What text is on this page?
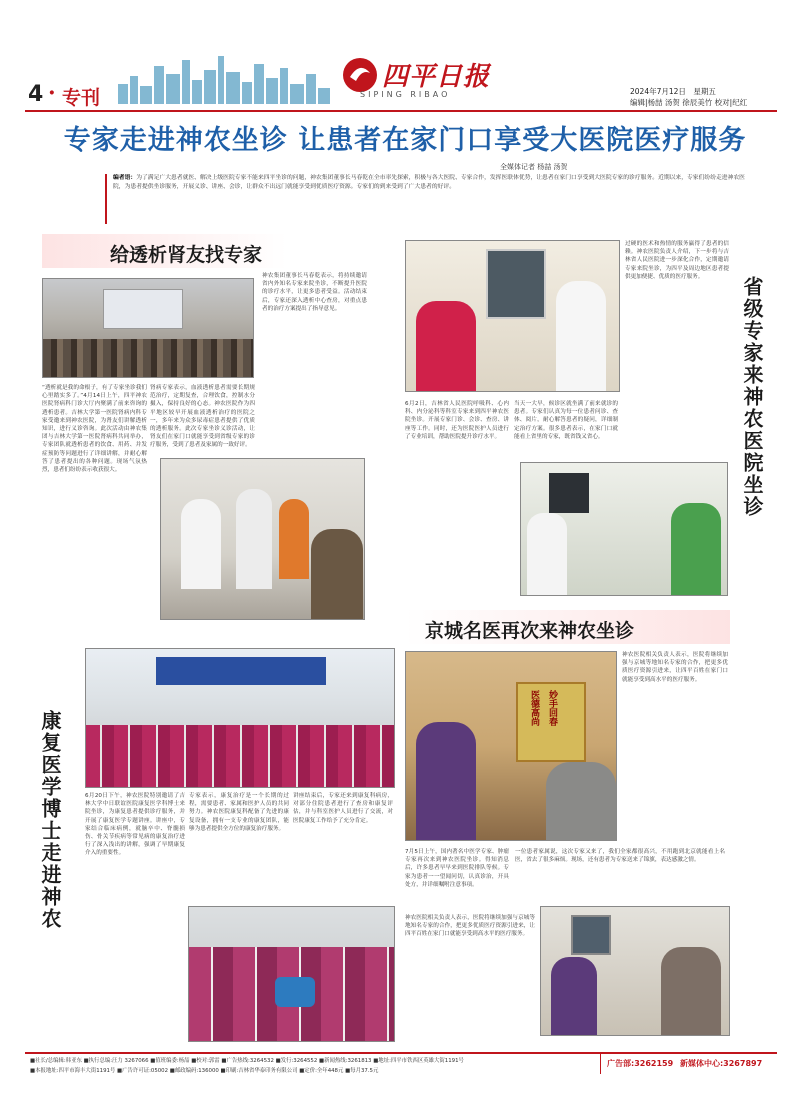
4 · 专刊
四平日报
SIPING RIBAO	2024年7月12日　星期五
编辑|杨喆 汤贺 徐辰美竹 校对|纪红
专家走进神农坐诊 让患者在家门口享受大医院医疗服务
全媒体记者 杨喆 汤贺
编者语：为了满足广大患者就医、解决上级医院专家不能来四平坐诊的问题，神农集团董事长马春乾在全市率先探索，积极与各大医院、专家合作，发挥医联体优势，让患者在家门口享受到大医院专家的诊疗服务。近期以来，专家们纷纷走进神农医院，为患者提供坐诊服务，开展义诊、讲座、会诊，让群众不出远门就能享受到优质医疗资源。专家们的到来受到了广大患者的好评。
给透析肾友找专家
“透析就是我的命根子，有了专家坐诊我们心里踏实多了。”4月14日上午，四平神农医院肾病科门诊大厅内聚满了前来咨询的透析患者。吉林大学第一医院肾病内科专家受邀来到神农医院，为肾友们讲解透析知识，进行义诊咨询。此次活动由神农集团与吉林大学第一医院肾病科共同举办，专家团队就透析患者的饮食、用药、并发症预防等问题进行了详细讲解，并耐心解答了患者提出的各种问题。现场气氛热烈，患者们纷纷表示收获很大。
肾病专家表示，血液透析患者需要长期规范治疗，定期复查，合理饮食，控制水分摄入，保持良好的心态。神农医院作为四平地区较早开展血液透析治疗的医院之一，多年来为众多尿毒症患者提供了优质的透析服务。此次专家坐诊义诊活动，让肾友们在家门口就能享受到省级专家的诊疗服务，受到了患者及家属的一致好评。
神农集团董事长马春乾表示，将持续邀请省内外知名专家来院坐诊，不断提升医院的诊疗水平，让更多患者受益。活动结束后，专家还深入透析中心查房，对重点患者的治疗方案提出了指导意见。
过硬的医术和热情的服务赢得了患者的信赖。神农医院负责人介绍，下一步将与吉林省人民医院进一步深化合作，定期邀请专家来院坐诊，为四平及周边地区患者提供更加便捷、优质的医疗服务。	省级专家来神农医院坐诊
6月2日，吉林省人民医院呼吸科、心内科、内分泌科等科室专家来到四平神农医院坐诊。开展专家门诊、会诊、查房、讲座等工作。同时，还为医院医护人员进行了专业培训，帮助医院提升诊疗水平。
当天一大早，候诊区就坐满了前来就诊的患者。专家们认真为每一位患者问诊、查体、阅片，耐心解答患者的疑问，详细制定治疗方案。很多患者表示，在家门口就能看上省里的专家，既省钱又省心。
康复医学博士走进神农	6月20日下午，神农医院特别邀请了吉林大学中日联谊医院康复医学科博士来院坐诊，为康复患者提供诊疗服务，并开展了康复医学专题讲座。讲座中，专家结合临床病例，就脑卒中、脊髓损伤、骨关节疾病等常见病的康复治疗进行了深入浅出的讲解，强调了早期康复介入的重要性。
专家表示，康复治疗是一个长期的过程，需要患者、家属和医护人员的共同努力。神农医院康复科配备了先进的康复设备，拥有一支专业的康复团队，能够为患者提供全方位的康复治疗服务。
讲座结束后，专家还来到康复科病房，对部分住院患者进行了查房和康复评估，并与科室医护人员进行了交流，对医院康复工作给予了充分肯定。
京城名医再次来神农坐诊
妙手回春
医德高尚
神农医院相关负责人表示，医院将继续加强与京城等地知名专家的合作，把更多优质医疗资源引进来，让四平百姓在家门口就能享受到高水平的医疗服务。
7月5日上午，国内著名中医学专家、肿瘤专家再次来到神农医院坐诊。得知消息后，许多患者早早来到医院排队等候。专家为患者一一望闻问切，认真诊治，开具处方，并详细嘱咐注意事项。
一位患者家属说，这次专家又来了，我们全家都很高兴，不用跑到北京就能看上名医，省去了很多麻烦。现场，还有患者为专家送来了锦旗，表达感激之情。
神农医院相关负责人表示，医院将继续加强与京城等地知名专家的合作，把更多优质医疗资源引进来，让四平百姓在家门口就能享受到高水平的医疗服务。
■社长/总编辑:韩亚东 ■执行总编:汪力 3267066 ■值班编委:杨喆 ■校对:郭雷 ■广告热线:3264532 ■发行:3264552 ■新闻热线:3261813 ■地址:四平市铁西区英雄大街1191号
■本报地址:四平市海丰大街1191号 ■广告许可证:05002 ■邮政编码:136000 ■印刷:吉林省华泰印务有限公司 ■定价:全年448元 ■每月37.5元
广告部:3262159 新媒体中心:3267897
